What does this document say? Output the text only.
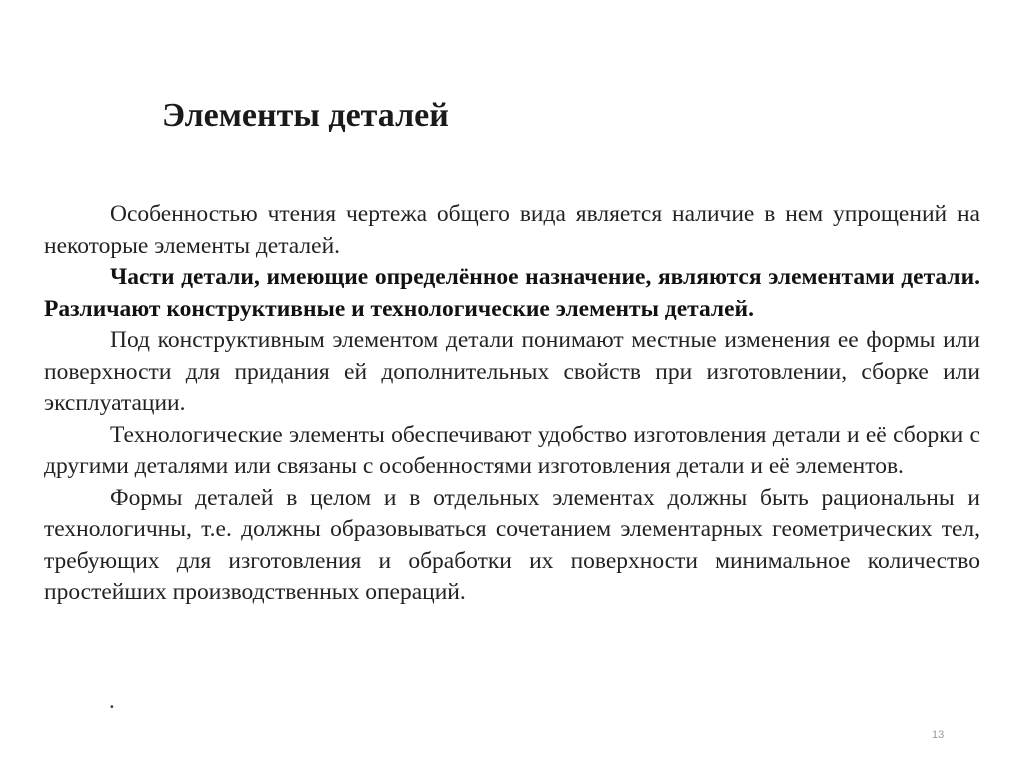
Элементы деталей

Особенностью чтения чертежа общего вида является наличие в нем упрощений на некоторые элементы деталей.

Части детали, имеющие определённое назначение, являются элементами детали. Различают конструктивные и технологические элементы деталей.

Под конструктивным элементом детали понимают местные изменения ее формы или поверхности для придания ей дополнительных свойств при изготовлении, сборке или эксплуатации.

Технологические элементы обеспечивают удобство изготовления детали и её сборки с другими деталями или связаны с особенностями изготовления детали и её элементов.

Формы деталей в целом и в отдельных элементах должны быть рациональны и технологичны, т.е. должны образовываться сочетанием элементарных геометрических тел, требующих для изготовления и обработки их поверхности минимальное количество простейших производственных операций.

.
13
